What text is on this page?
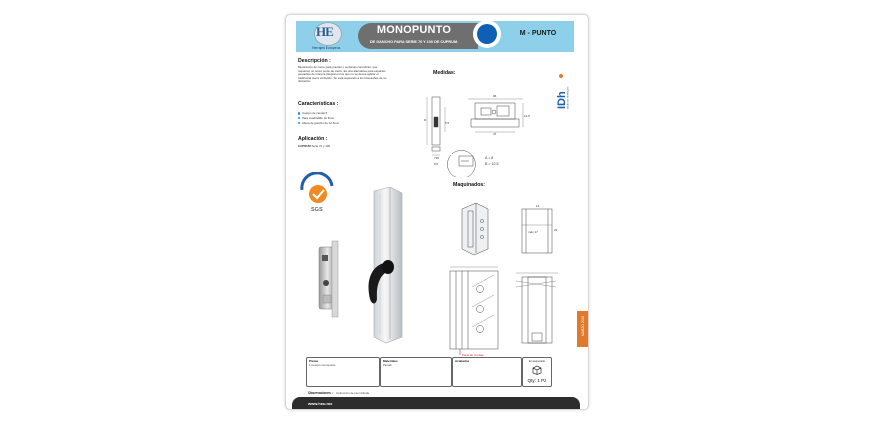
HE
Herrajes Europeos
MONOPUNTO
DE GANCHO PARA SERIE 70 Y 100 DE CUPRUM.
M - PUNTO
Descripción :
Mecanismo de cierre para puertas y ventanas corredizas, que requieren un único punto de cierre. Es una alternativa para espacios pequeños de manera integral en los que no se desea aplicar el tradicional cierre embutido. Se está sujetando a los travesaños de su ubicación.
Características :
Cuerpo de zamak 5
Para cuadradillo de 5mm
Altura de gancho de 12.5mm
Aplicación :
CUPRUM Serie 70 y 100.
Medidas:
96
5.5
D
12.5
47
736
8.5
A = 8
B = 12.5
IDh IDEAS DE HERRAJES
SGS
Maquinados:
máx 17	22
12
Panel de montaje
MARZO 2018
Piezas
1 Cuerpo monopunto
Materiales
Zamak.
Acabados	Empaquetado
Qty: 1 Pz
Observaciones : Instrucción de uso incluida.
www.heu.mx
